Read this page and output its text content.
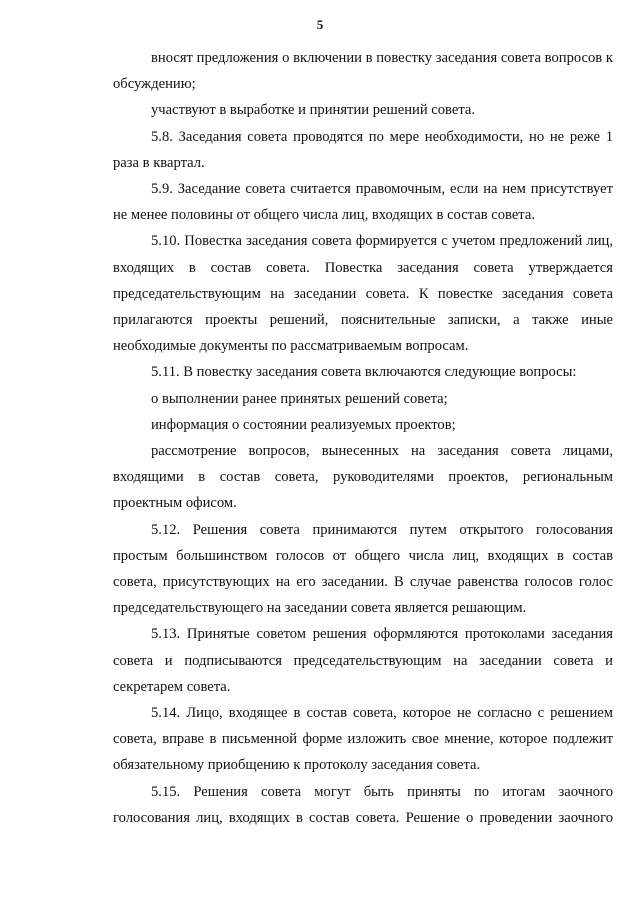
5

вносят предложения о включении в повестку заседания совета вопросов к обсуждению;

участвуют в выработке и принятии решений совета.

5.8. Заседания совета проводятся по мере необходимости, но не реже 1 раза в квартал.

5.9. Заседание совета считается правомочным, если на нем присутствует не менее половины от общего числа лиц, входящих в состав совета.

5.10. Повестка заседания совета формируется с учетом предложений лиц, входящих в состав совета. Повестка заседания совета утверждается председательствующим на заседании совета. К повестке заседания совета прилагаются проекты решений, пояснительные записки, а также иные необходимые документы по рассматриваемым вопросам.

5.11. В повестку заседания совета включаются следующие вопросы:

о выполнении ранее принятых решений совета;

информация о состоянии реализуемых проектов;

рассмотрение вопросов, вынесенных на заседания совета лицами, входящими в состав совета, руководителями проектов, региональным проектным офисом.

5.12. Решения совета принимаются путем открытого голосования простым большинством голосов от общего числа лиц, входящих в состав совета, присутствующих на его заседании. В случае равенства голосов голос председательствующего на заседании совета является решающим.

5.13. Принятые советом решения оформляются протоколами заседания совета и подписываются председательствующим на заседании совета и секретарем совета.

5.14. Лицо, входящее в состав совета, которое не согласно с решением совета, вправе в письменной форме изложить свое мнение, которое подлежит обязательному приобщению к протоколу заседания совета.

5.15. Решения совета могут быть приняты по итогам заочного голосования лиц, входящих в состав совета. Решение о проведении заочного
